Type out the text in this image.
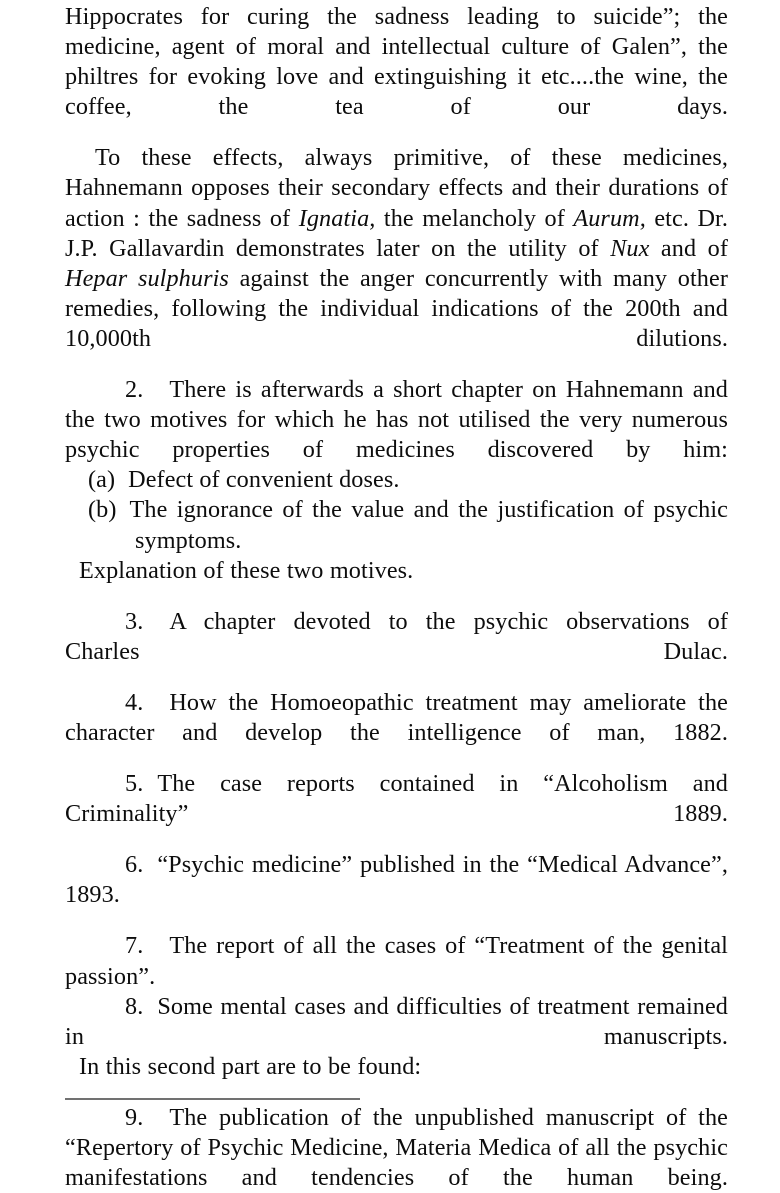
Hippocrates for curing the sadness leading to suicide”; the medicine, agent of moral and intellectual culture of Galen”, the philtres for evoking love and extinguishing it etc....the wine, the coffee, the tea of our days.

To these effects, always primitive, of these medicines, Hahnemann opposes their secondary effects and their durations of action : the sadness of Ignatia, the melancholy of Aurum, etc. Dr. J.P. Gallavardin demonstrates later on the utility of Nux and of Hepar sulphuris against the anger concurrently with many other remedies, following the individual indications of the 200th and 10,000th dilutions.

2. There is afterwards a short chapter on Hahnemann and the two motives for which he has not utilised the very numerous psychic properties of medicines discovered by him:

(a) Defect of convenient doses.

(b) The ignorance of the value and the justification of psychic symptoms.

Explanation of these two motives.

3. A chapter devoted to the psychic observations of Charles Dulac.

4. How the Homoeopathic treatment may ameliorate the character and develop the intelligence of man, 1882.

5. The case reports contained in “Alcoholism and Criminality” 1889.

6. “Psychic medicine” published in the “Medical Advance”, 1893.

7. The report of all the cases of “Treatment of the genital passion”.

8. Some mental cases and difficulties of treatment remained in manuscripts.

In this second part are to be found:

9. The publication of the unpublished manuscript of the “Repertory of Psychic Medicine, Materia Medica of all the psychic manifestations and tendencies of the human being.
